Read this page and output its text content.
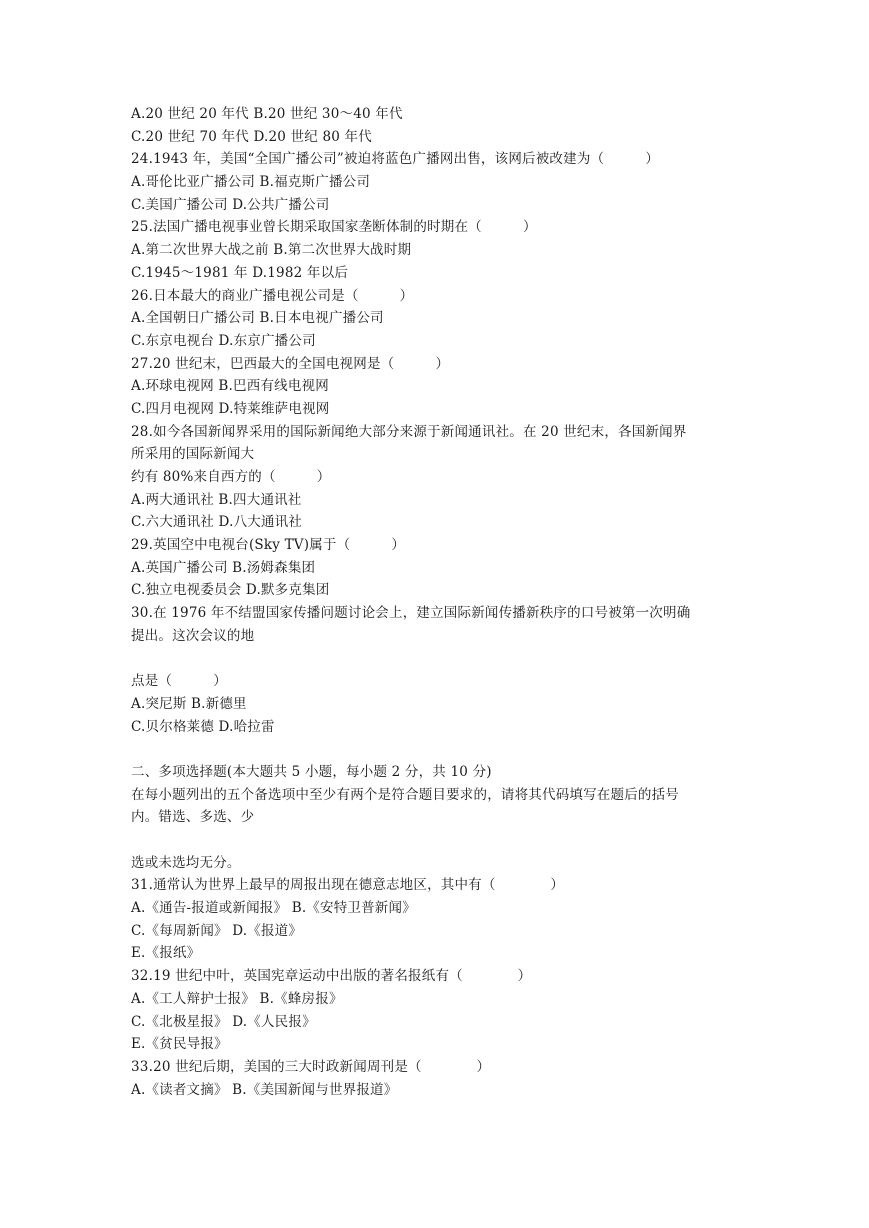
A.20 世纪 20 年代 B.20 世纪 30～40 年代
C.20 世纪 70 年代 D.20 世纪 80 年代
24.1943 年，美国“全国广播公司”被迫将蓝色广播网出售，该网后被改建为（　　　）
A.哥伦比亚广播公司 B.福克斯广播公司
C.美国广播公司 D.公共广播公司
25.法国广播电视事业曾长期采取国家垄断体制的时期在（　　　）
A.第二次世界大战之前 B.第二次世界大战时期
C.1945～1981 年 D.1982 年以后
26.日本最大的商业广播电视公司是（　　　）
A.全国朝日广播公司 B.日本电视广播公司
C.东京电视台 D.东京广播公司
27.20 世纪末，巴西最大的全国电视网是（　　　）
A.环球电视网 B.巴西有线电视网
C.四月电视网 D.特莱维萨电视网
28.如今各国新闻界采用的国际新闻绝大部分来源于新闻通讯社。在 20 世纪末，各国新闻界
所采用的国际新闻大
约有 80%来自西方的（　　　）
A.两大通讯社 B.四大通讯社
C.六大通讯社 D.八大通讯社
29.英国空中电视台(Sky TV)属于（　　　）
A.英国广播公司 B.汤姆森集团
C.独立电视委员会 D.默多克集团
30.在 1976 年不结盟国家传播问题讨论会上，建立国际新闻传播新秩序的口号被第一次明确
提出。这次会议的地
点是（　　　）
A.突尼斯 B.新德里
C.贝尔格莱德 D.哈拉雷
二、多项选择题(本大题共 5 小题，每小题 2 分，共 10 分)
在每小题列出的五个备选项中至少有两个是符合题目要求的，请将其代码填写在题后的括号
内。错选、多选、少
选或未选均无分。
31.通常认为世界上最早的周报出现在德意志地区，其中有（　　　　）
A.《通告-报道或新闻报》 B.《安特卫普新闻》
C.《每周新闻》 D.《报道》
E.《报纸》
32.19 世纪中叶，英国宪章运动中出版的著名报纸有（　　　　）
A.《工人辩护士报》 B.《蜂房报》
C.《北极星报》 D.《人民报》
E.《贫民导报》
33.20 世纪后期，美国的三大时政新闻周刊是（　　　　）
A.《读者文摘》 B.《美国新闻与世界报道》
